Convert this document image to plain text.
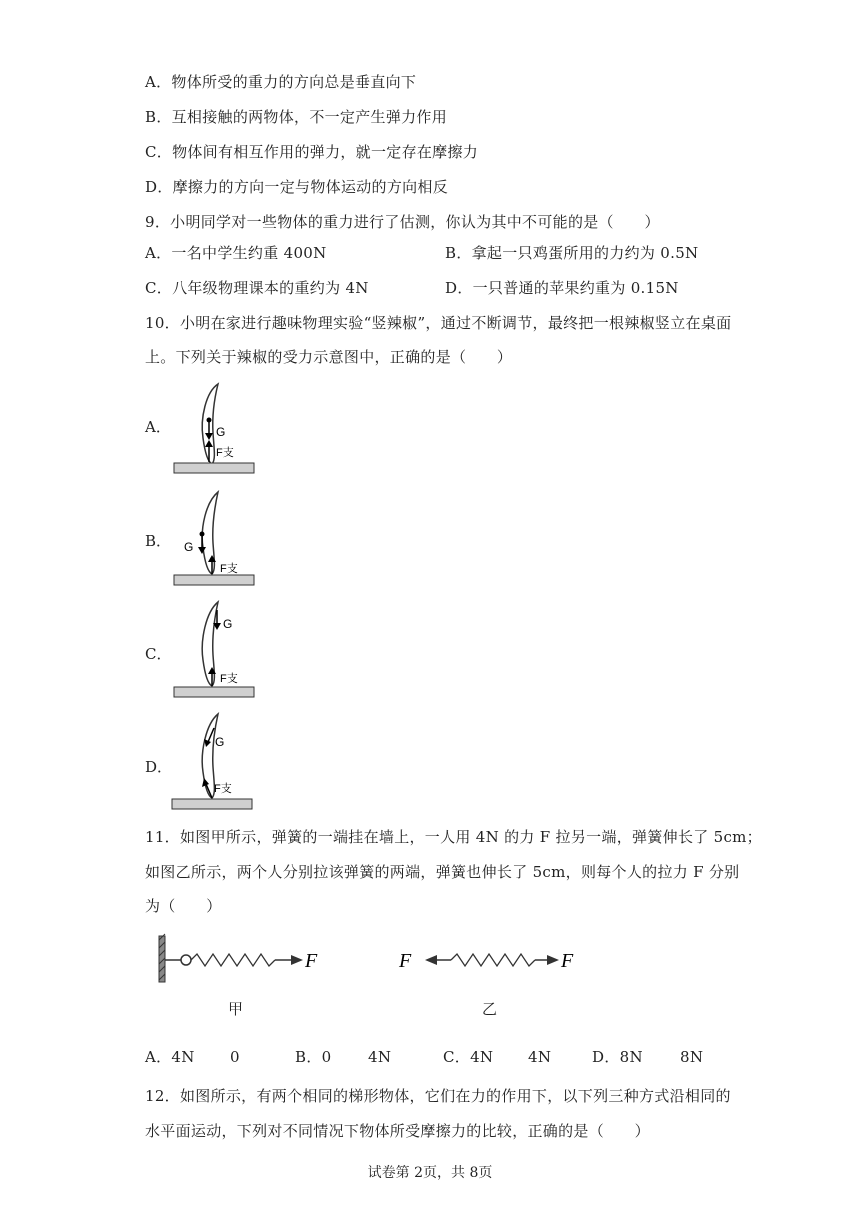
A．物体所受的重力的方向总是垂直向下
B．互相接触的两物体，不一定产生弹力作用
C．物体间有相互作用的弹力，就一定存在摩擦力
D．摩擦力的方向一定与物体运动的方向相反
9．小明同学对一些物体的重力进行了估测，你认为其中不可能的是（　　）
A．一名中学生约重 400N	B．拿起一只鸡蛋所用的力约为 0.5N
C．八年级物理课本的重约为 4N	D．一只普通的苹果约重为 0.15N
10．小明在家进行趣味物理实验“竖辣椒”，通过不断调节，最终把一根辣椒竖立在桌面
上。下列关于辣椒的受力示意图中，正确的是（　　）
A．	G
F支
B． G
F支
C．
G
F支
D．
G
F支
11．如图甲所示，弹簧的一端挂在墙上，一人用 4N 的力 F 拉另一端，弹簧伸长了 5cm；
如图乙所示，两个人分别拉该弹簧的两端，弹簧也伸长了 5cm，则每个人的拉力 F 分别
为（　　）
F
甲
F	F
乙
A．4N 0	B．0 4N	C．4N 4N	D．8N 8N
12．如图所示，有两个相同的梯形物体，它们在力的作用下，以下列三种方式沿相同的
水平面运动，下列对不同情况下物体所受摩擦力的比较，正确的是（　　）
试卷第 2页，共 8页
